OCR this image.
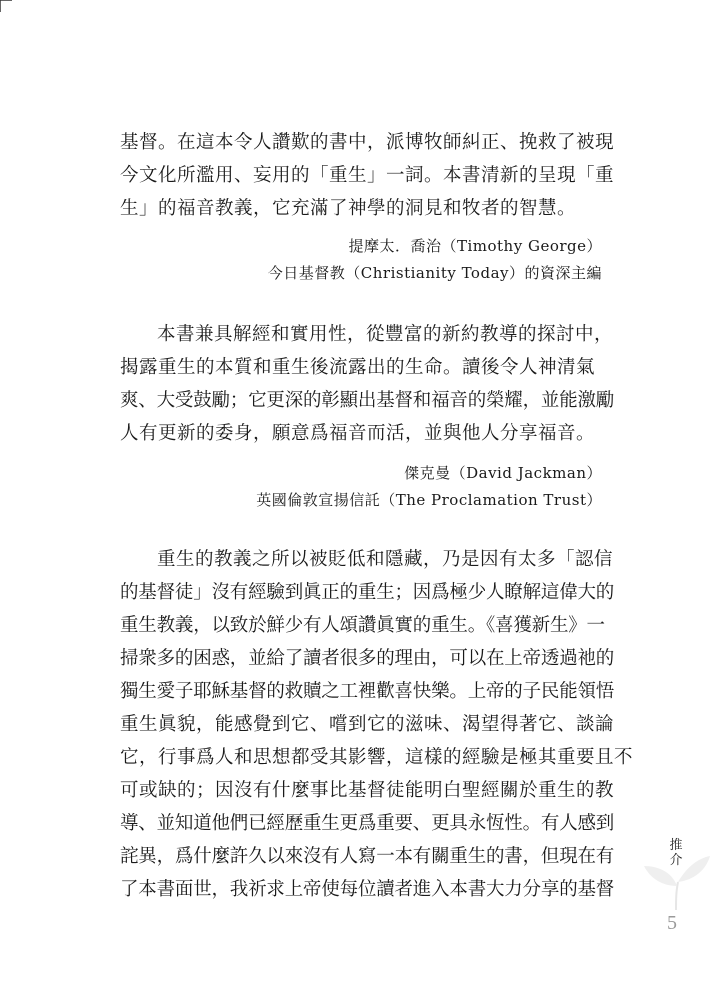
基督。在這本令人讚歎的書中，派博牧師糾正、挽救了被現
今文化所濫用、妄用的「重生」一詞。本書清新的呈現「重
生」的福音教義，它充滿了神學的洞見和牧者的智慧。
提摩太．喬治（Timothy George）
今日基督教（Christianity Today）的資深主編
本書兼具解經和實用性，從豐富的新約教導的探討中，
揭露重生的本質和重生後流露出的生命。讀後令人神清氣
爽、大受鼓勵；它更深的彰顯出基督和福音的榮耀，並能激勵
人有更新的委身，願意爲福音而活，並與他人分享福音。
傑克曼（David Jackman）
英國倫敦宣揚信託（The Proclamation Trust）
重生的教義之所以被貶低和隱藏，乃是因有太多「認信
的基督徒」沒有經驗到眞正的重生；因爲極少人瞭解這偉大的
重生教義，以致於鮮少有人頌讚眞實的重生。《喜獲新生》一
掃衆多的困惑，並給了讀者很多的理由，可以在上帝透過祂的
獨生愛子耶穌基督的救贖之工裡歡喜快樂。上帝的子民能領悟
重生眞貌，能感覺到它、嚐到它的滋味、渴望得著它、談論
它，行事爲人和思想都受其影響，這樣的經驗是極其重要且不
可或缺的；因沒有什麼事比基督徒能明白聖經關於重生的教
導、並知道他們已經歷重生更爲重要、更具永恆性。有人感到
詫異，爲什麼許久以來沒有人寫一本有關重生的書，但現在有
了本書面世，我祈求上帝使每位讀者進入本書大力分享的基督
推
介
5
